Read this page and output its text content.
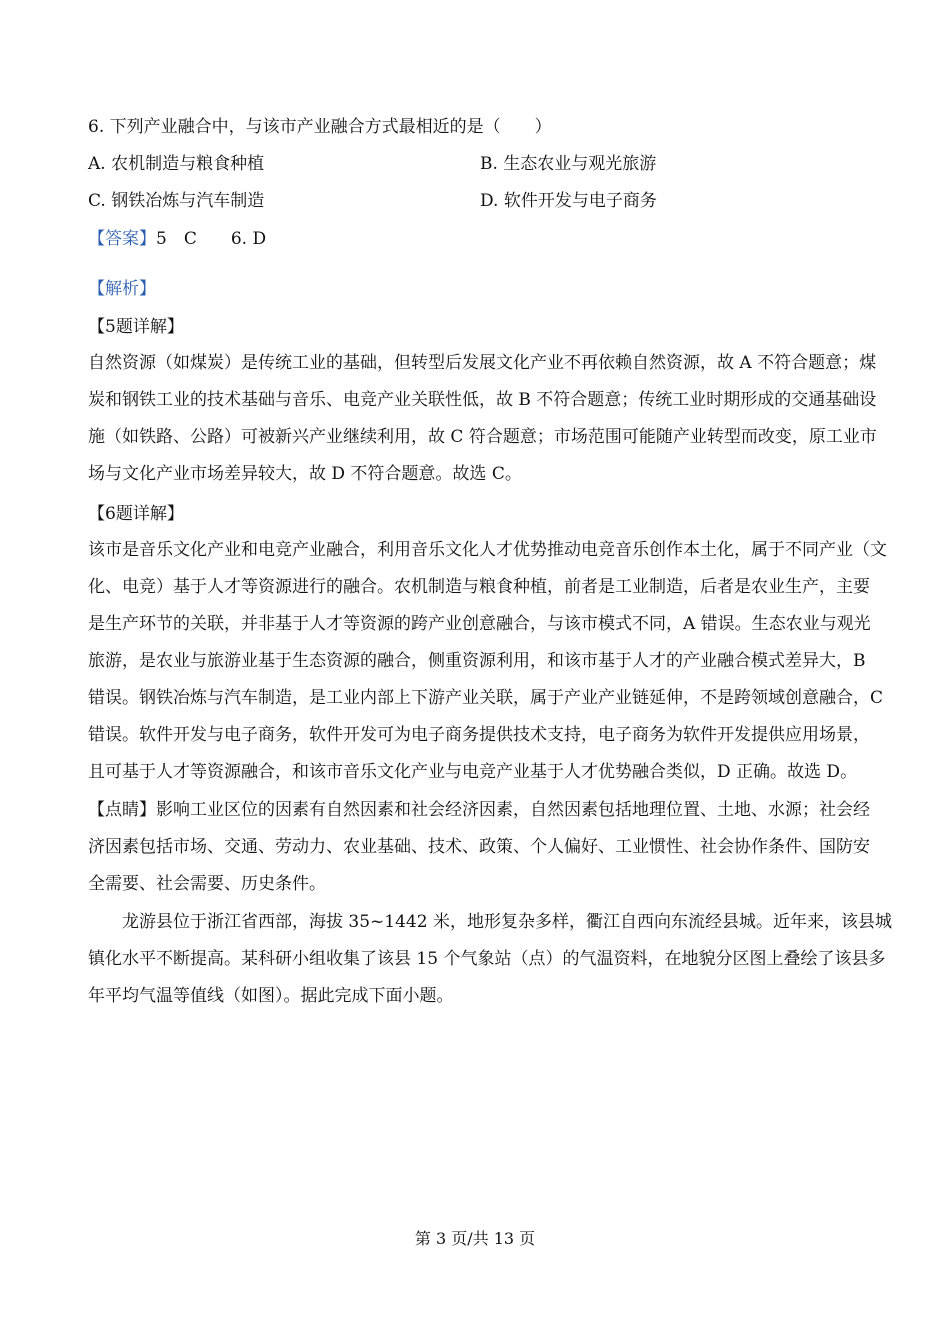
6. 下列产业融合中，与该市产业融合方式最相近的是（　　）
A. 农机制造与粮食种植	B. 生态农业与观光旅游
C. 钢铁冶炼与汽车制造	D. 软件开发与电子商务
【答案】5　C　　6. D
【解析】
【5题详解】
自然资源（如煤炭）是传统工业的基础，但转型后发展文化产业不再依赖自然资源，故 A 不符合题意；煤
炭和钢铁工业的技术基础与音乐、电竞产业关联性低，故 B 不符合题意；传统工业时期形成的交通基础设
施（如铁路、公路）可被新兴产业继续利用，故 C 符合题意；市场范围可能随产业转型而改变，原工业市
场与文化产业市场差异较大，故 D 不符合题意。故选 C。
【6题详解】
该市是音乐文化产业和电竞产业融合，利用音乐文化人才优势推动电竞音乐创作本土化，属于不同产业（文
化、电竞）基于人才等资源进行的融合。农机制造与粮食种植，前者是工业制造，后者是农业生产，主要
是生产环节的关联，并非基于人才等资源的跨产业创意融合，与该市模式不同，A 错误。生态农业与观光
旅游，是农业与旅游业基于生态资源的融合，侧重资源利用，和该市基于人才的产业融合模式差异大，B
错误。钢铁冶炼与汽车制造，是工业内部上下游产业关联，属于产业产业链延伸，不是跨领域创意融合，C
错误。软件开发与电子商务，软件开发可为电子商务提供技术支持，电子商务为软件开发提供应用场景，
且可基于人才等资源融合，和该市音乐文化产业与电竞产业基于人才优势融合类似，D 正确。故选 D。
【点睛】影响工业区位的因素有自然因素和社会经济因素，自然因素包括地理位置、土地、水源；社会经
济因素包括市场、交通、劳动力、农业基础、技术、政策、个人偏好、工业惯性、社会协作条件、国防安
全需要、社会需要、历史条件。
龙游县位于浙江省西部，海拔 35~1442 米，地形复杂多样，衢江自西向东流经县城。近年来，该县城
镇化水平不断提高。某科研小组收集了该县 15 个气象站（点）的气温资料，在地貌分区图上叠绘了该县多
年平均气温等值线（如图）。据此完成下面小题。
第 3 页/共 13 页
